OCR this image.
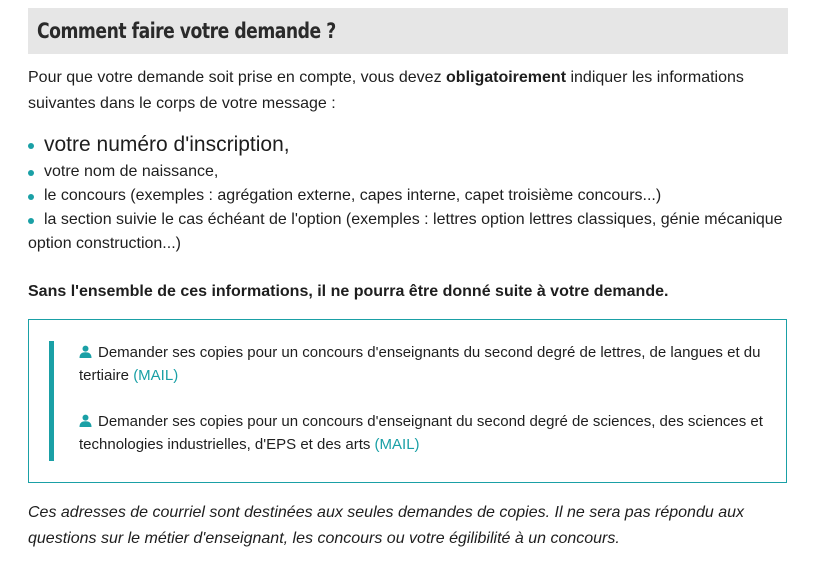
Comment faire votre demande ?

Pour que votre demande soit prise en compte, vous devez obligatoirement indiquer les informations suivantes dans le corps de votre message :

votre numéro d'inscription,
votre nom de naissance,
le concours (exemples : agrégation externe, capes interne, capet troisième concours...)
la section suivie le cas échéant de l'option (exemples : lettres option lettres classiques, génie mécanique option construction...)

Sans l'ensemble de ces informations, il ne pourra être donné suite à votre demande.

Demander ses copies pour un concours d'enseignants du second degré de lettres, de langues et du tertiaire (MAIL)

Demander ses copies pour un concours d'enseignant du second degré de sciences, des sciences et technologies industrielles, d'EPS et des arts (MAIL)

Ces adresses de courriel sont destinées aux seules demandes de copies. Il ne sera pas répondu aux questions sur le métier d'enseignant, les concours ou votre égilibilité à un concours.
